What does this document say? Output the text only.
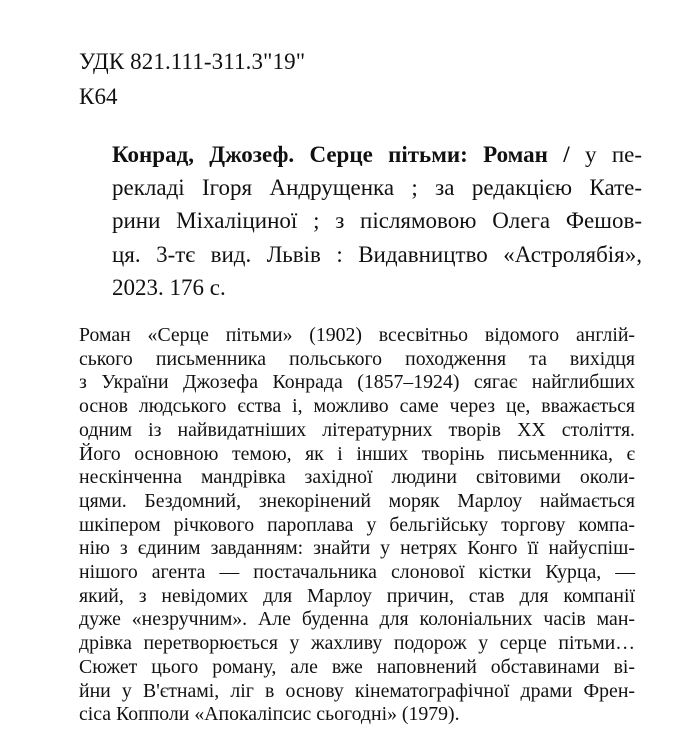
УДК 821.111-311.3"19"
К64
Конрад, Джозеф. Серце пітьми: Роман / у пе-
рекладі Ігоря Андрущенка ; за редакцією Кате-
рини Міхаліциної ; з післямовою Олега Фешов-
ця. 3-тє вид. Львів : Видавництво «Астролябія»,
2023. 176 с.
Роман «Серце пітьми» (1902) всесвітньо відомого англій-
ського письменника польського походження та вихідця
з України Джозефа Конрада (1857–1924) сягає найглибших
основ людського єства і, можливо саме через це, вважається
одним із найвидатніших літературних творів XX століття.
Його основною темою, як і інших творінь письменника, є
нескінченна мандрівка західної людини світовими околи-
цями. Бездомний, знекорінений моряк Марлоу наймається
шкіпером річкового пароплава у бельгійську торгову компа-
нію з єдиним завданням: знайти у нетрях Конго її найуспіш-
нішого агента — постачальника слонової кістки Курца, —
який, з невідомих для Марлоу причин, став для компанії
дуже «незручним». Але буденна для колоніальних часів ман-
дрівка перетворюється у жахливу подорож у серце пітьми…
Сюжет цього роману, але вже наповнений обставинами ві-
йни у В'єтнамі, ліг в основу кінематографічної драми Френ-
сіса Копполи «Апокаліпсис сьогодні» (1979).
